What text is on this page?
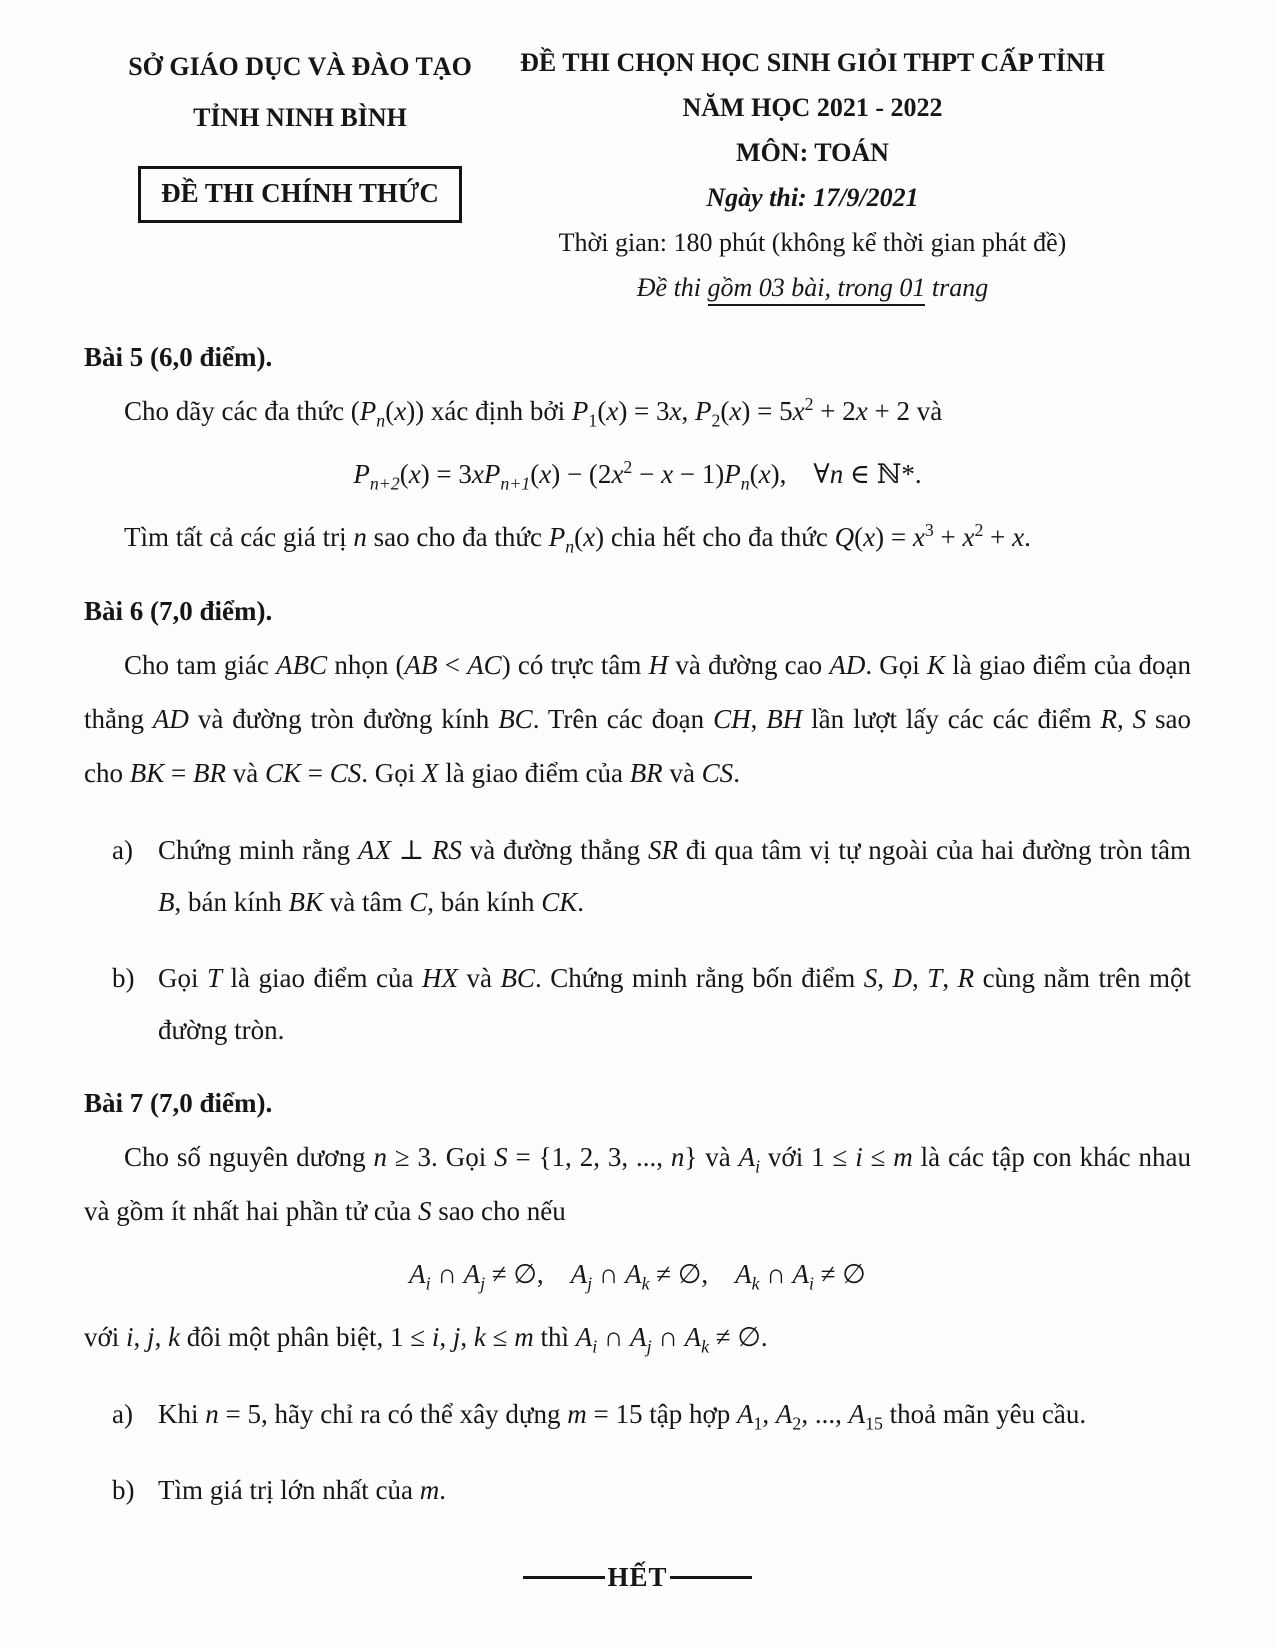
SỞ GIÁO DỤC VÀ ĐÀO TẠO
TỈNH NINH BÌNH
ĐỀ THI CHÍNH THỨC
ĐỀ THI CHỌN HỌC SINH GIỎI THPT CẤP TỈNH
NĂM HỌC 2021 - 2022
MÔN: TOÁN
Ngày thi: 17/9/2021
Thời gian: 180 phút (không kể thời gian phát đề)
Đề thi gồm 03 bài, trong 01 trang
Bài 5 (6,0 điểm).

Cho dãy các đa thức $(P_n(x))$ xác định bởi $P_1(x) = 3x$, $P_2(x) = 5x^2 + 2x + 2$ và

$P_{n+2}(x) = 3xP_{n+1}(x) - (2x^2 - x - 1)P_n(x)$, ∀n ∈ ℕ*.

Tìm tất cả các giá trị n sao cho đa thức $P_n(x)$ chia hết cho đa thức $Q(x) = x^3 + x^2 + x$.

Bài 6 (7,0 điểm).

Cho tam giác ABC nhọn (AB < AC) có trực tâm H và đường cao AD. Gọi K là giao điểm của đoạn thẳng AD và đường tròn đường kính BC. Trên các đoạn CH, BH lần lượt lấy các các điểm R, S sao cho BK = BR và CK = CS. Gọi X là giao điểm của BR và CS.

a) Chứng minh rằng AX ⊥ RS và đường thẳng SR đi qua tâm vị tự ngoài của hai đường tròn tâm B, bán kính BK và tâm C, bán kính CK.
b) Gọi T là giao điểm của HX và BC. Chứng minh rằng bốn điểm S, D, T, R cùng nằm trên một đường tròn.
Bài 7 (7,0 điểm).

Cho số nguyên dương n ≥ 3. Gọi S = {1, 2, 3, ..., n} và $A_i$ với 1 ≤ i ≤ m là các tập con khác nhau và gồm ít nhất hai phần tử của S sao cho nếu

$A_i$ ∩ $A_j$ ≠ ∅, $A_j$ ∩ $A_k$ ≠ ∅, $A_k$ ∩ $A_i$ ≠ ∅

với i, j, k đôi một phân biệt, 1 ≤ i, j, k ≤ m thì $A_i$ ∩ $A_j$ ∩ $A_k$ ≠ ∅.

a) Khi n = 5, hãy chỉ ra có thể xây dựng m = 15 tập hợp $A_1$, $A_2$, ..., $A_{15}$ thoả mãn yêu cầu.
b) Tìm giá trị lớn nhất của m.
HẾT
